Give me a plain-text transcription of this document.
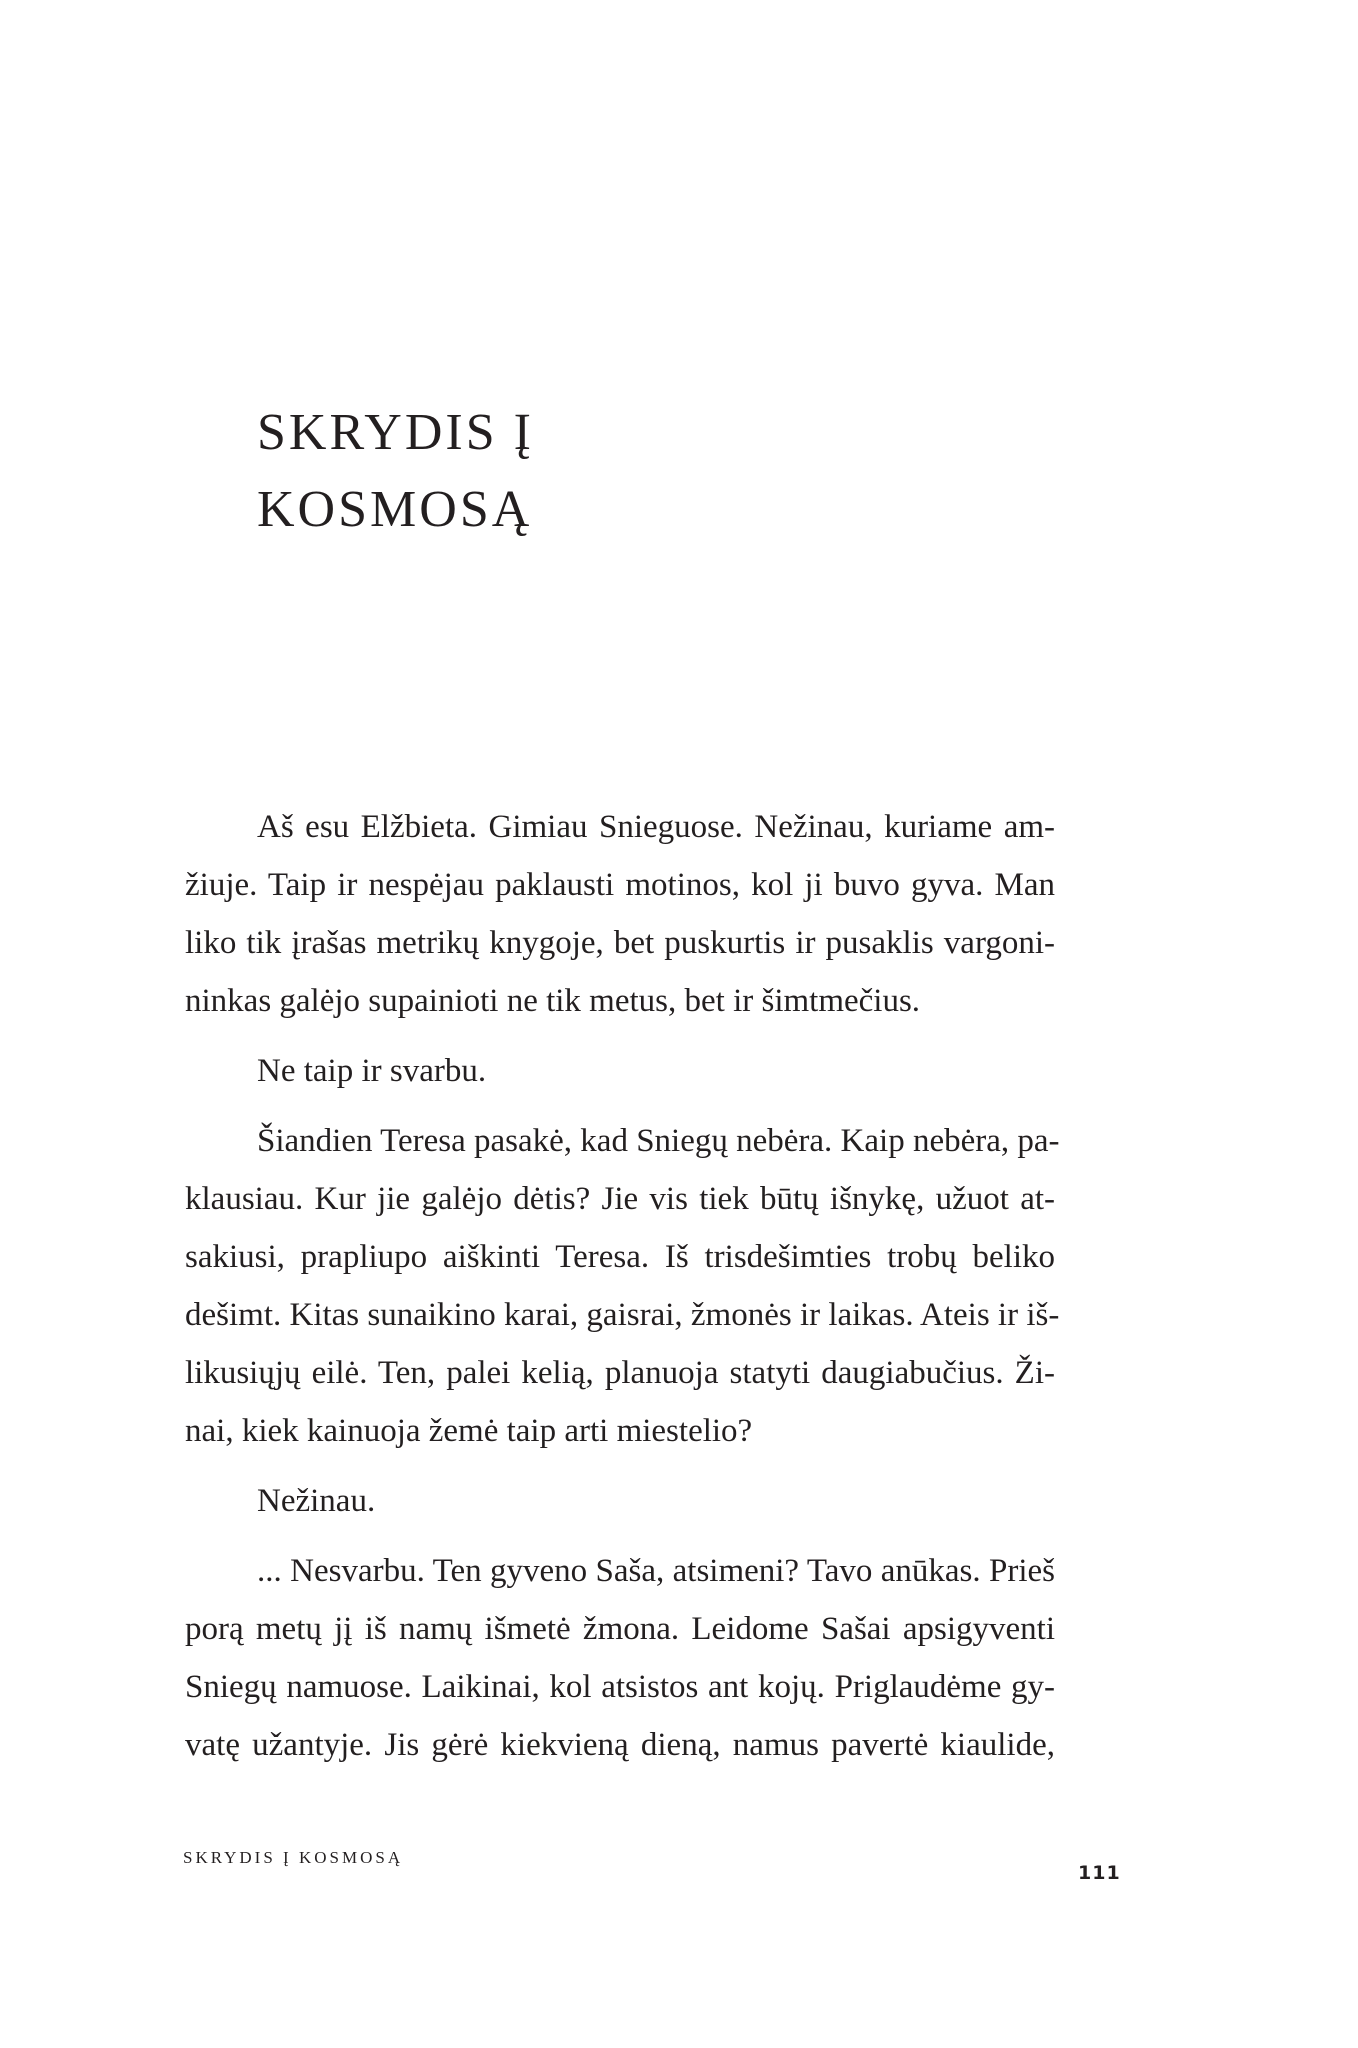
SKRYDIS Į
KOSMOSĄ

Aš esu Elžbieta. Gimiau Snieguose. Nežinau, kuriame am-
žiuje. Taip ir nespėjau paklausti motinos, kol ji buvo gyva. Man
liko tik įrašas metrikų knygoje, bet puskurtis ir pusaklis vargoni-
ninkas galėjo supainioti ne tik metus, bet ir šimtmečius.

Ne taip ir svarbu.

Šiandien Teresa pasakė, kad Sniegų nebėra. Kaip nebėra, pa-
klausiau. Kur jie galėjo dėtis? Jie vis tiek būtų išnykę, užuot at-
sakiusi, prapliupo aiškinti Teresa. Iš trisdešimties trobų beliko
dešimt. Kitas sunaikino karai, gaisrai, žmonės ir laikas. Ateis ir iš-
likusiųjų eilė. Ten, palei kelią, planuoja statyti daugiabučius. Ži-
nai, kiek kainuoja žemė taip arti miestelio?

Nežinau.

... Nesvarbu. Ten gyveno Saša, atsimeni? Tavo anūkas. Prieš
porą metų jį iš namų išmetė žmona. Leidome Sašai apsigyventi
Sniegų namuose. Laikinai, kol atsistos ant kojų. Priglaudėme gy-
vatę užantyje. Jis gėrė kiekvieną dieną, namus pavertė kiaulide,

SKRYDIS Į KOSMOSĄ
111
